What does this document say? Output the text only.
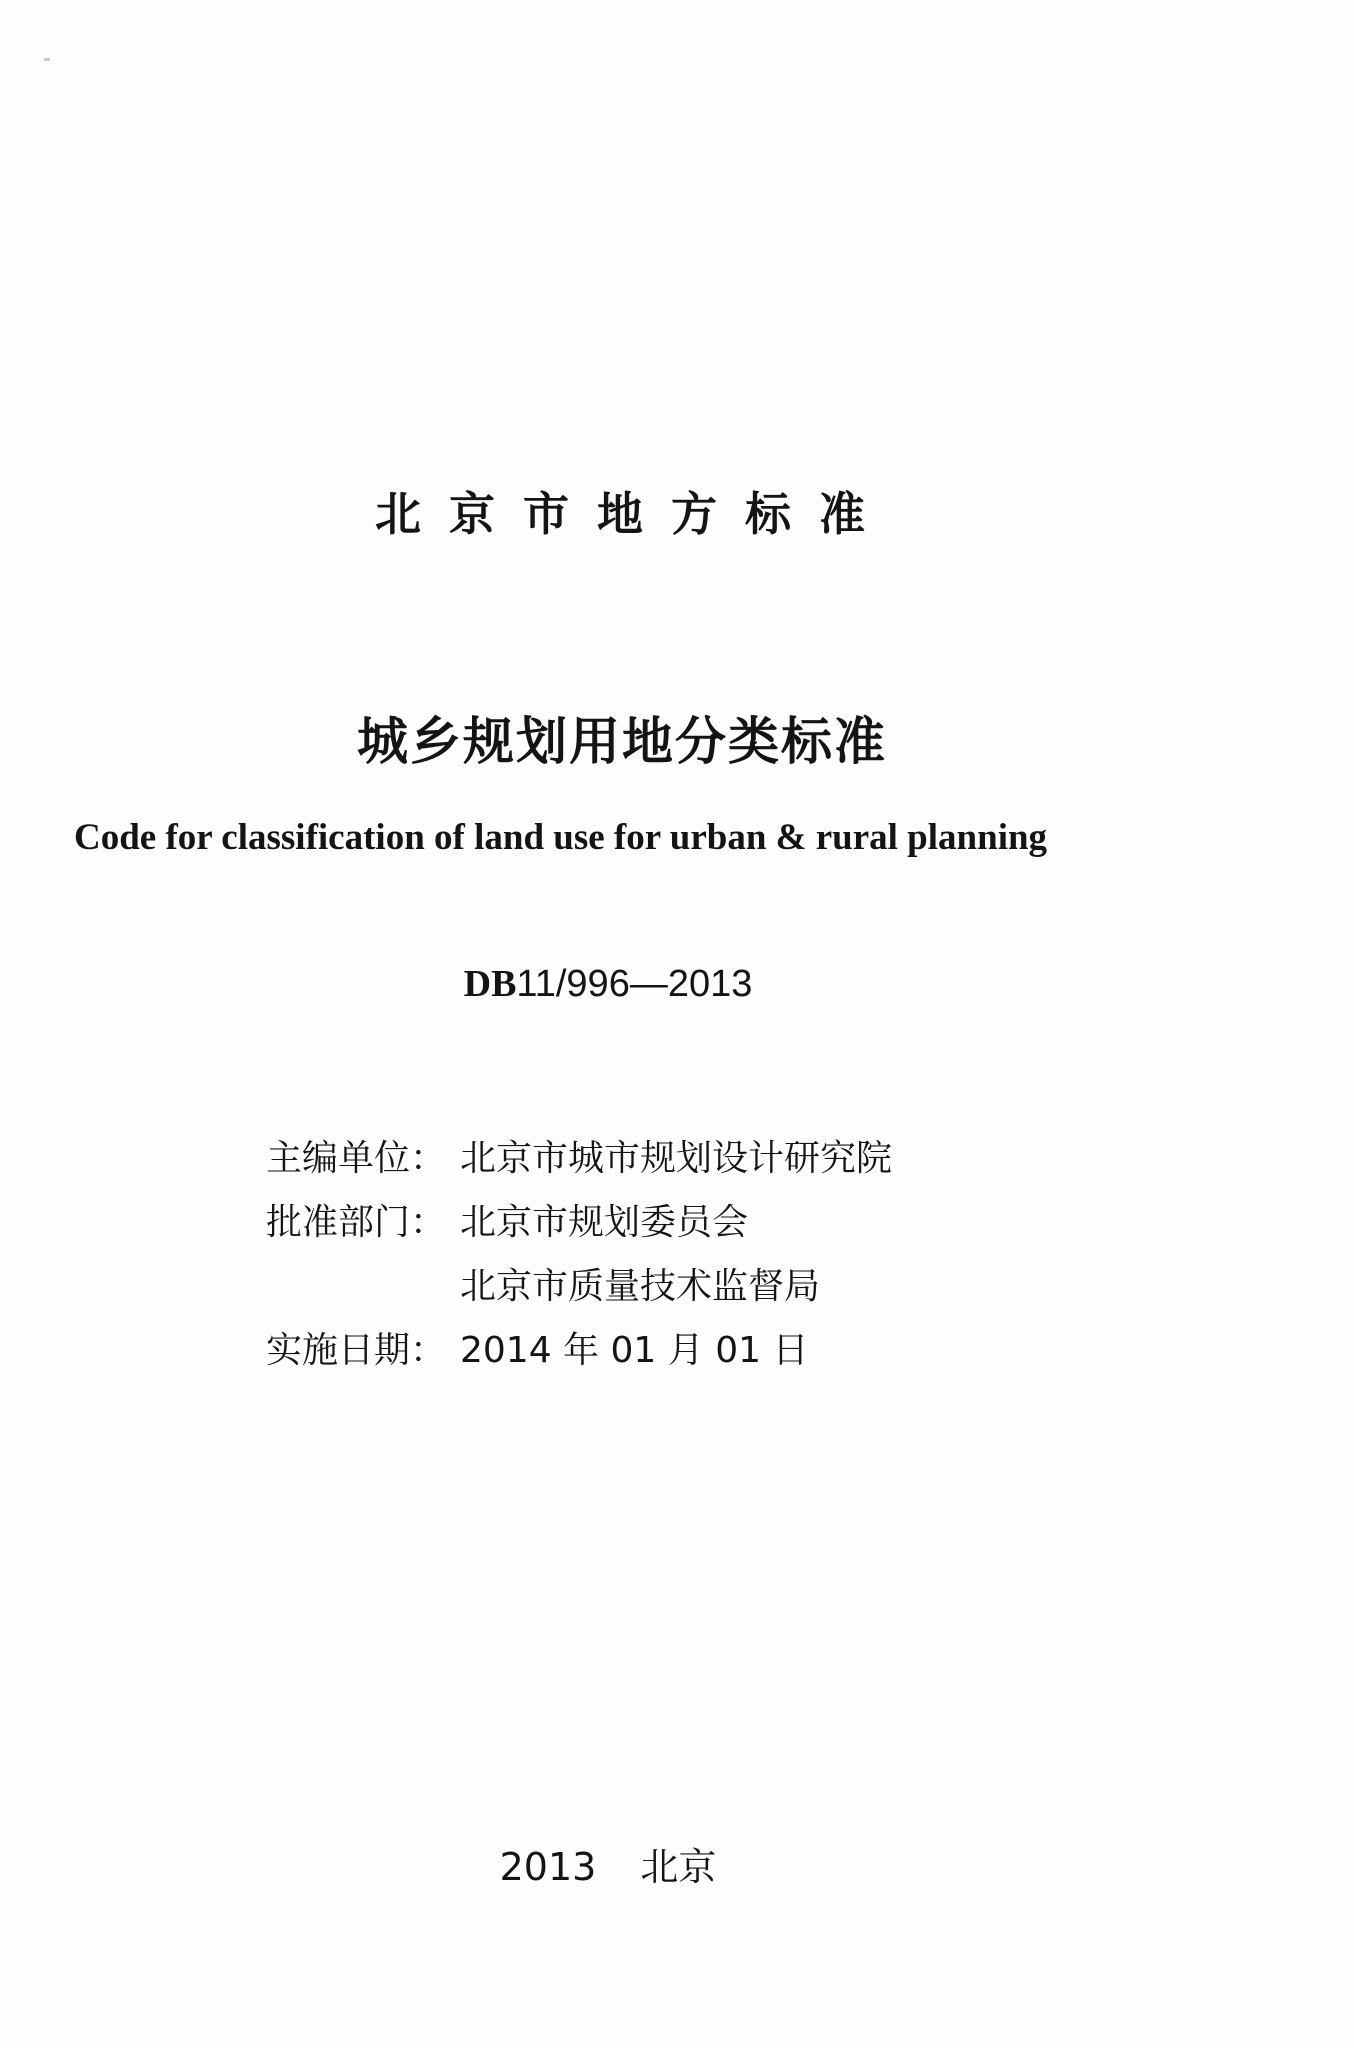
北京市地方标准
城乡规划用地分类标准
Code for classification of land use for urban & rural planning
DB11/996—2013
主编单位： 北京市城市规划设计研究院
批准部门： 北京市规划委员会
北京市质量技术监督局
实施日期： 2014 年 01 月 01 日
2013 北京
